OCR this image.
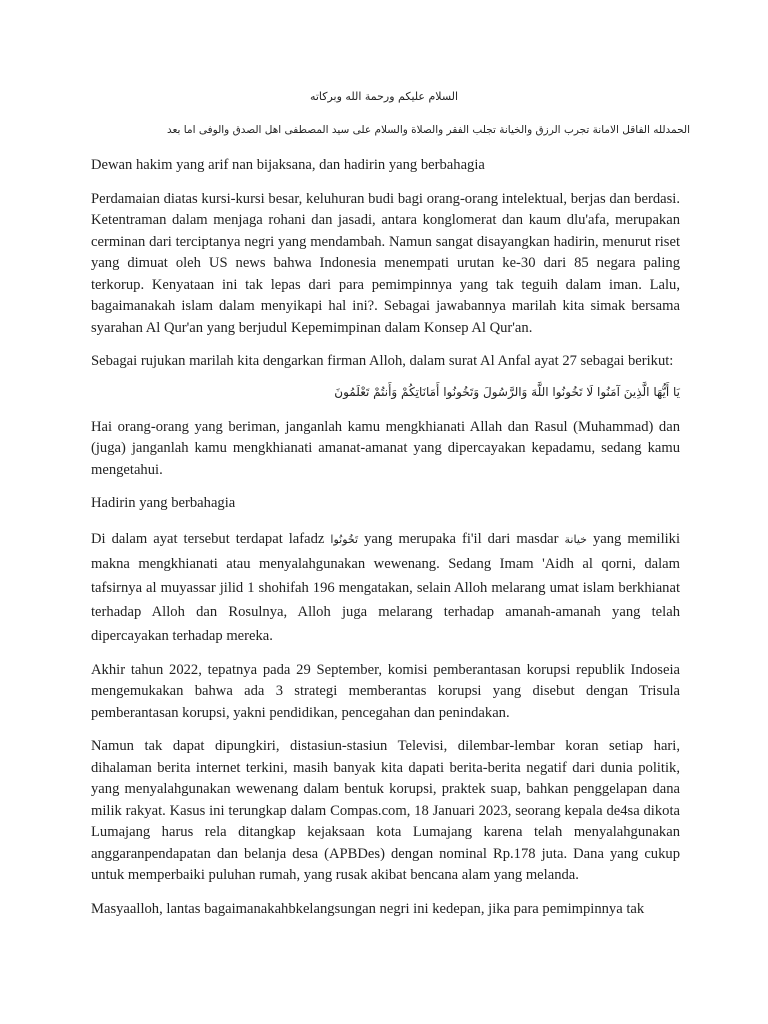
السلام عليكم ورحمة الله وبركاته
الحمدلله الفاقل الامانة تجرب الرزق والخيانة تجلب الفقر والصلاة والسلام على سيد المصطفى اهل الصدق والوفى اما بعد

Dewan hakim yang arif nan bijaksana, dan hadirin yang berbahagia

Perdamaian diatas kursi-kursi besar, keluhuran budi bagi orang-orang intelektual, berjas dan berdasi. Ketentraman dalam menjaga rohani dan jasadi, antara konglomerat dan kaum dlu'afa, merupakan cerminan dari terciptanya negri yang mendambah. Namun sangat disayangkan hadirin, menurut riset yang dimuat oleh US news bahwa Indonesia menempati urutan ke-30 dari 85 negara paling terkorup. Kenyataan ini tak lepas dari para pemimpinnya yang tak teguih dalam iman. Lalu, bagaimanakah islam dalam menyikapi hal ini?. Sebagai jawabannya marilah kita simak bersama syarahan Al Qur'an yang berjudul Kepemimpinan dalam Konsep Al Qur'an.

Sebagai rujukan marilah kita dengarkan firman Alloh, dalam surat Al Anfal ayat 27 sebagai berikut:

يَا أَيُّهَا الَّذِينَ آمَنُوا لَا تَخُونُوا اللَّهَ وَالرَّسُولَ وَتَخُونُوا أَمَانَاتِكُمْ وَأَنتُمْ تَعْلَمُونَ

Hai orang-orang yang beriman, janganlah kamu mengkhianati Allah dan Rasul (Muhammad) dan (juga) janganlah kamu mengkhianati amanat-amanat yang dipercayakan kepadamu, sedang kamu mengetahui.

Hadirin yang berbahagia

Di dalam ayat tersebut terdapat lafadz تَخُونُوا yang merupaka fi'il dari masdar خيانة yang memiliki makna mengkhianati atau menyalahgunakan wewenang. Sedang Imam 'Aidh al qorni, dalam tafsirnya al muyassar jilid 1 shohifah 196 mengatakan, selain Alloh melarang umat islam berkhianat terhadap Alloh dan Rosulnya, Alloh juga melarang terhadap amanah-amanah yang telah dipercayakan terhadap mereka.

Akhir tahun 2022, tepatnya pada 29 September, komisi pemberantasan korupsi republik Indoseia mengemukakan bahwa ada 3 strategi memberantas korupsi yang disebut dengan Trisula pemberantasan korupsi, yakni pendidikan, pencegahan dan penindakan.

Namun tak dapat dipungkiri, distasiun-stasiun Televisi, dilembar-lembar koran setiap hari, dihalaman berita internet terkini, masih banyak kita dapati berita-berita negatif dari dunia politik, yang menyalahgunakan wewenang dalam bentuk korupsi, praktek suap, bahkan penggelapan dana milik rakyat. Kasus ini terungkap dalam Compas.com, 18 Januari 2023, seorang kepala de4sa dikota Lumajang harus rela ditangkap kejaksaan kota Lumajang karena telah menyalahgunakan anggaranpendapatan dan belanja desa (APBDes) dengan nominal Rp.178 juta. Dana yang cukup untuk memperbaiki puluhan rumah, yang rusak akibat bencana alam yang melanda.

Masyaalloh, lantas bagaimanakahbkelangsungan negri ini kedepan, jika para pemimpinnya tak
